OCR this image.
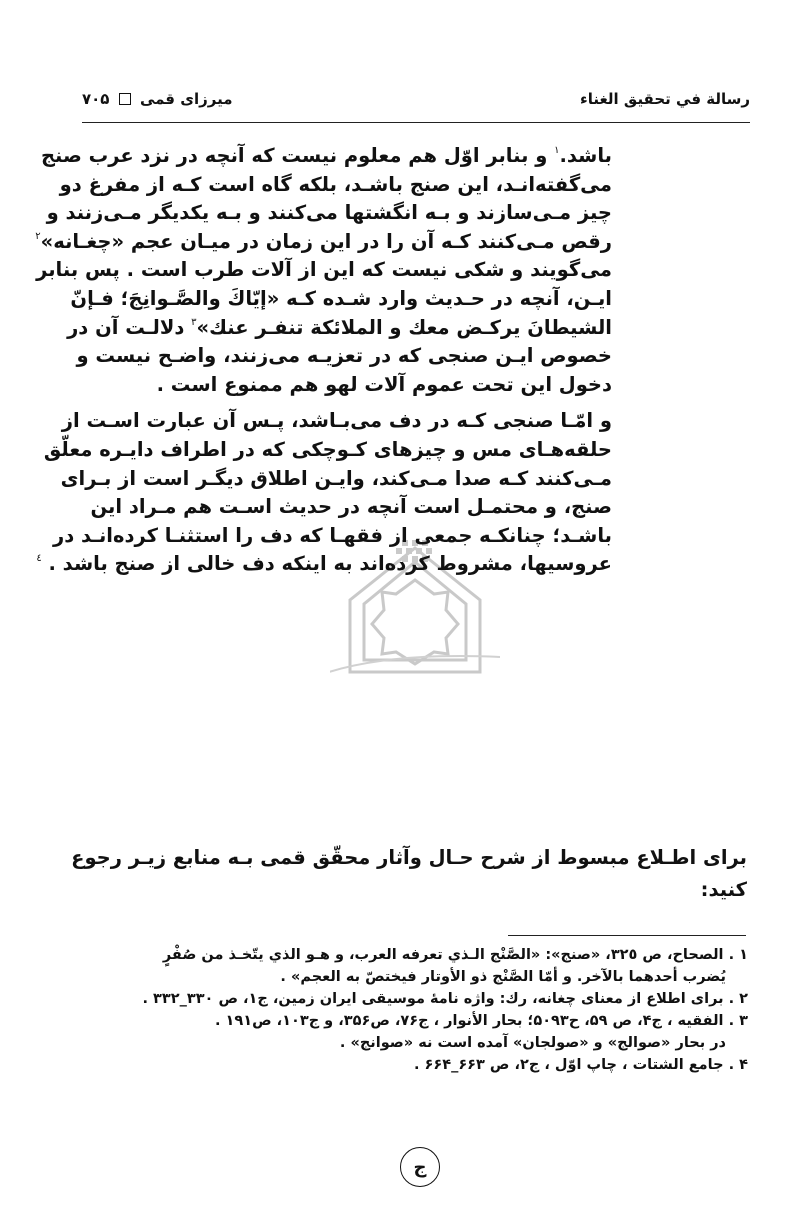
رسالة في تحقيق الغناء
میرزای قمی  ۷۰۵
باشد.$^١$ و بنابر اوّل هم معلوم نیست که آنچه در نزد عرب صنج
می‌گفته‌انـد، این صنج باشـد، بلکه گاه است کـه از مفرغ دو
چیز مـی‌سازند و بـه انگشتها می‌کنند و بـه یکدیگر مـی‌زنند و
رقص مـی‌کنند کـه آن را در این زمان در میـان عجم «چغـانه»$^٢$
می‌گویند و شکی نیست که این از آلات طرب است . پس بنابر
ایـن، آنچه در حـدیث وارد شـده کـه «إیّاكَ والصَّـوانِجَ؛ فـإنّ
الشیطانَ یرکـض معك و الملائکة تنفـر عنك»$^٣$ دلالـت آن در
خصوص ایـن صنجی که در تعزیـه می‌زنند، واضـح نیست و
دخول این تحت عموم آلات لهو هم ممنوع است .
و امّـا صنجی کـه در دف می‌بـاشد، پـس آن عبارت اسـت از
حلقه‌هـای مس و چیزهای کـوچکی که در اطراف دایـره معلّق
مـی‌کنند کـه صدا مـی‌کند، وایـن اطلاق دیگـر است از بـرای
صنج، و محتمـل است آنچه در حدیث اسـت هم مـراد این
باشـد؛ چنانکـه جمعی از فقهـا که دف را استثنـا کرده‌انـد در
عروسیها، مشروط کرده‌اند به اینکه دف خالی از صنج باشد . $^٤$
برای اطـلاع مبسوط از شرح حـال وآثار محقّق قمی بـه منابع زیـر رجوع
کنید:
١ . الصحاح، ص ٣٢٥، «صنج»: «الصَّنْج الـذي تعرفه العرب، و هـو الذي يتّخـذ من صُفْرٍ
يُضرب أحدهما بالآخر. و أمّا الصَّنْج ذو الأوتار فيختصّ به العجم» .
٢ . برای اطلاع از معنای چغانه، رك: واژه نامهٔ موسیقی ایران زمین، ج١، ص ٣٣٠_٣٣٢ .
٣ . الفقیه ، ج۴، ص ۵۹، ح۵۰۹۳؛ بحار الأنوار ، ج۷۶، ص۳۵۶، و ج۱۰۳، ص۱۹۱ .
در بحار «صوالج» و «صولجان» آمده است نه «صوانج» .
۴ . جامع الشتات ، چاپ اوّل ، ج۲، ص ۶۶۳_۶۶۴ .
ج
